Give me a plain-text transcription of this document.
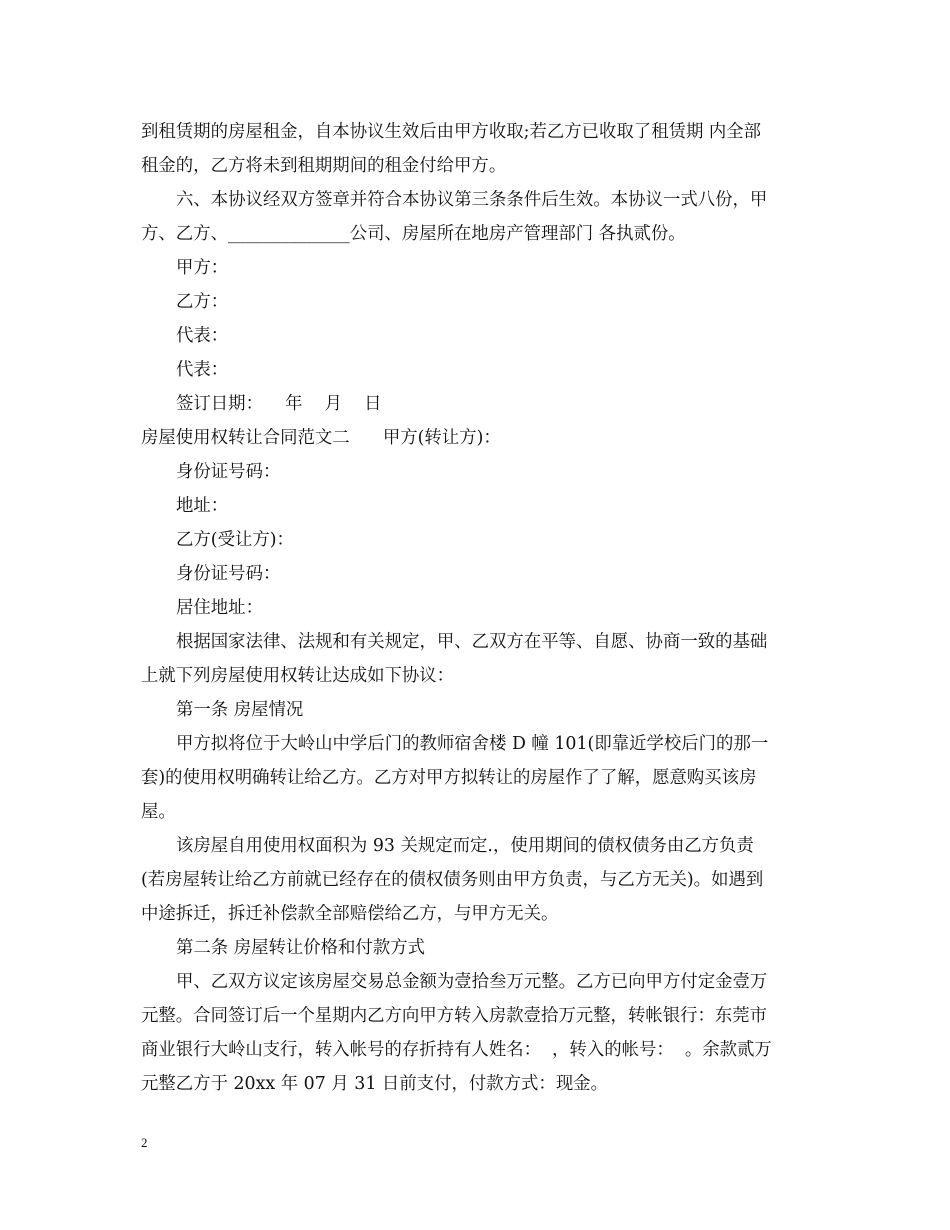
到租赁期的房屋租金，自本协议生效后由甲方收取;若乙方已收取了租赁期 内全部
租金的，乙方将未到租期期间的租金付给甲方。
六、本协议经双方签章并符合本协议第三条条件后生效。本协议一式八份，甲
方、乙方、______________公司、房屋所在地房产管理部门 各执贰份。
甲方：
乙方：
代表：
代表：
签订日期：    年    月    日
房屋使用权转让合同范文二      甲方(转让方)：
身份证号码：
地址：
乙方(受让方)：
身份证号码：
居住地址：
根据国家法律、法规和有关规定，甲、乙双方在平等、自愿、协商一致的基础
上就下列房屋使用权转让达成如下协议：
第一条 房屋情况
甲方拟将位于大岭山中学后门的教师宿舍楼 D 幢 101(即靠近学校后门的那一
套)的使用权明确转让给乙方。乙方对甲方拟转让的房屋作了了解，愿意购买该房
屋。
该房屋自用使用权面积为 93 关规定而定.，使用期间的债权债务由乙方负责
(若房屋转让给乙方前就已经存在的债权债务则由甲方负责，与乙方无关)。如遇到
中途拆迁，拆迁补偿款全部赔偿给乙方，与甲方无关。
第二条 房屋转让价格和付款方式
甲、乙双方议定该房屋交易总金额为壹拾叁万元整。乙方已向甲方付定金壹万
元整。合同签订后一个星期内乙方向甲方转入房款壹拾万元整，转帐银行：东莞市
商业银行大岭山支行，转入帐号的存折持有人姓名：  ，转入的帐号：  。余款贰万
元整乙方于 20xx 年 07 月 31 日前支付，付款方式：现金。
2
